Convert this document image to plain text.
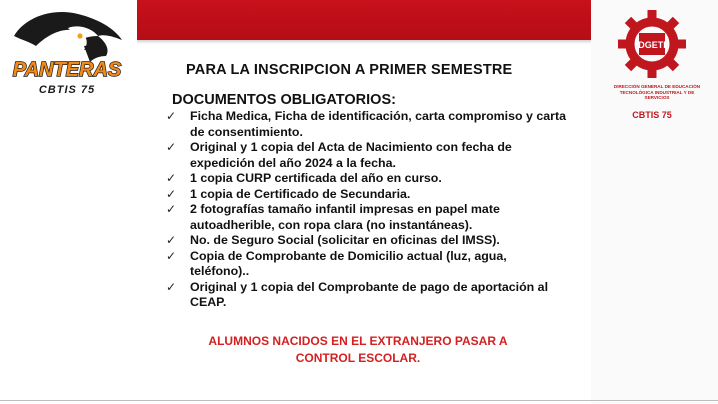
PANTERAS
CBTIS 75
DGETI
DIRECCIÓN GENERAL DE EDUCACIÓN TECNOLÓGICA INDUSTRIAL Y DE SERVICIOS
CBTIS 75
PARA LA INSCRIPCION A PRIMER SEMESTRE
DOCUMENTOS OBLIGATORIOS:
✓	Ficha Medica, Ficha de identificación, carta compromiso y carta de consentimiento.
✓	Original y 1 copia del Acta de Nacimiento con fecha de expedición del año 2024 a la fecha.
✓	1 copia CURP certificada del año en curso.
✓	1 copia de Certificado de Secundaria.
✓	2 fotografías tamaño infantil impresas en papel mate autoadherible, con ropa clara (no instantáneas).
✓	No. de Seguro Social (solicitar en oficinas del IMSS).
✓	Copia de Comprobante de Domicilio actual (luz, agua, teléfono)..
✓	Original y 1 copia del Comprobante de pago de aportación al CEAP.
ALUMNOS NACIDOS EN EL EXTRANJERO PASAR A
CONTROL ESCOLAR.
